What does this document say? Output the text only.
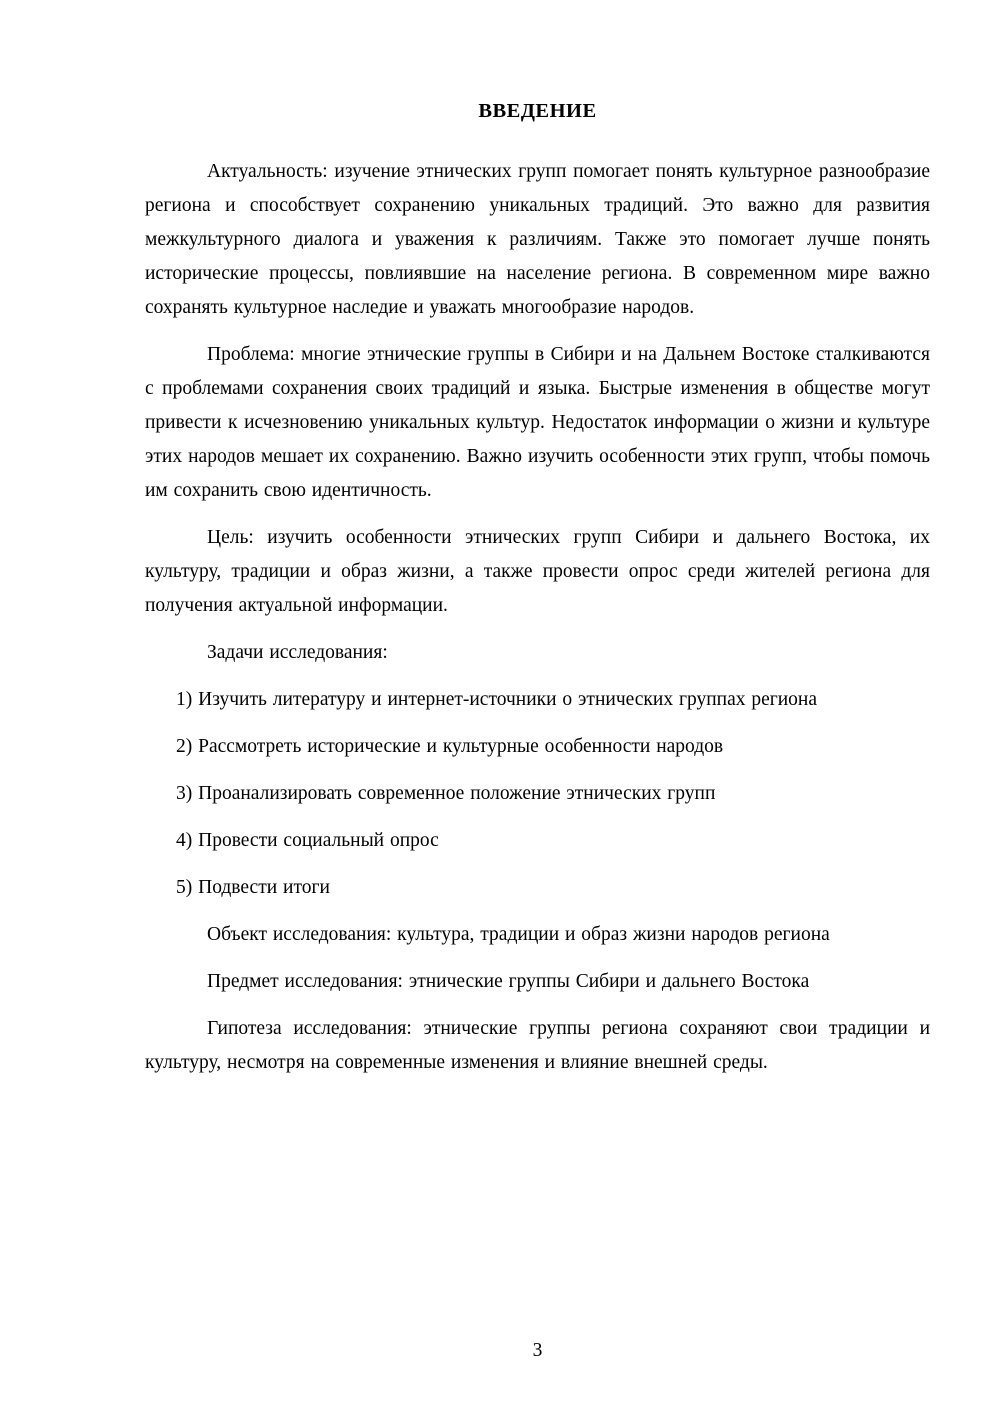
ВВЕДЕНИЕ

Актуальность: изучение этнических групп помогает понять культурное разнообразие региона и способствует сохранению уникальных традиций. Это важно для развития межкультурного диалога и уважения к различиям. Также это помогает лучше понять исторические процессы, повлиявшие на население региона. В современном мире важно сохранять культурное наследие и уважать многообразие народов.

Проблема: многие этнические группы в Сибири и на Дальнем Востоке сталкиваются с проблемами сохранения своих традиций и языка. Быстрые изменения в обществе могут привести к исчезновению уникальных культур. Недостаток информации о жизни и культуре этих народов мешает их сохранению. Важно изучить особенности этих групп, чтобы помочь им сохранить свою идентичность.

Цель: изучить особенности этнических групп Сибири и дальнего Востока, их культуру, традиции и образ жизни, а также провести опрос среди жителей региона для получения актуальной информации.

Задачи исследования:

1) Изучить литературу и интернет-источники о этнических группах региона

2) Рассмотреть исторические и культурные особенности народов

3) Проанализировать современное положение этнических групп

4) Провести социальный опрос

5) Подвести итоги

Объект исследования: культура, традиции и образ жизни народов региона

Предмет исследования: этнические группы Сибири и дальнего Востока

Гипотеза исследования: этнические группы региона сохраняют свои традиции и культуру, несмотря на современные изменения и влияние внешней среды.

3
